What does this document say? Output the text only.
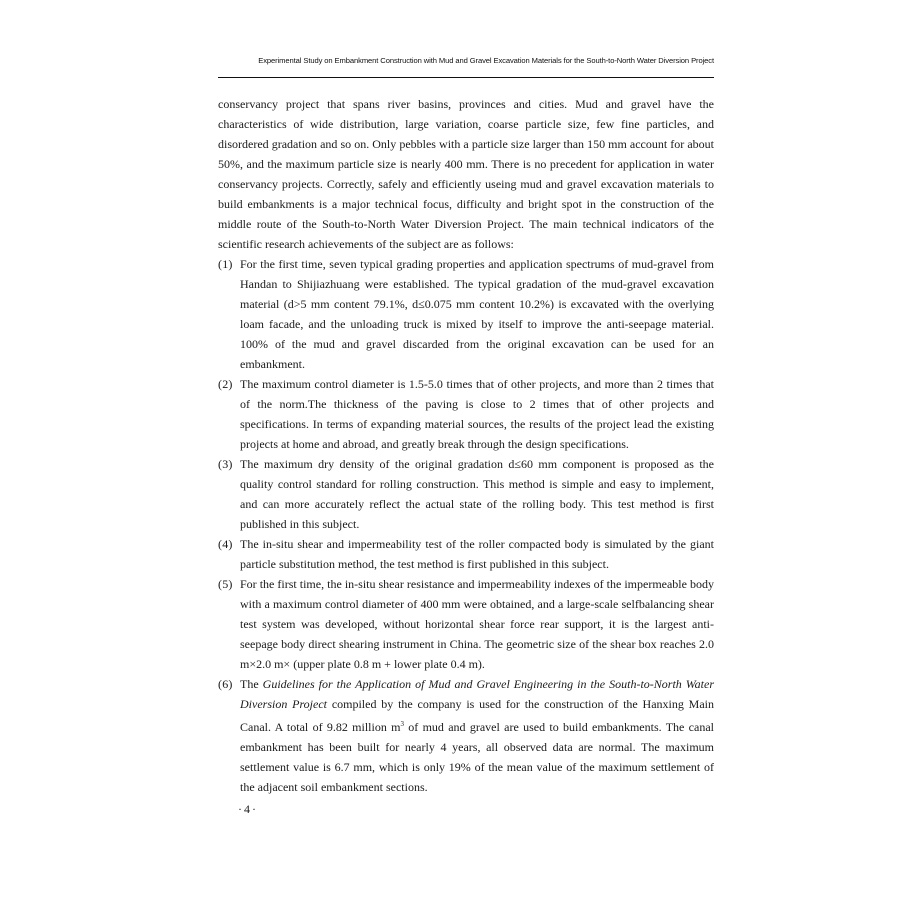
Experimental Study on Embankment Construction with Mud and Gravel Excavation Materials for the South-to-North Water Diversion Project

conservancy project that spans river basins, provinces and cities. Mud and gravel have the characteristics of wide distribution, large variation, coarse particle size, few fine particles, and disordered gradation and so on. Only pebbles with a particle size larger than 150 mm account for about 50%, and the maximum particle size is nearly 400 mm. There is no precedent for application in water conservancy projects. Correctly, safely and efficiently useing mud and gravel excavation materials to build embankments is a major technical focus, difficulty and bright spot in the construction of the middle route of the South-to-North Water Diversion Project. The main technical indicators of the scientific research achievements of the subject are as follows:

(1) For the first time, seven typical grading properties and application spectrums of mud-gravel from Handan to Shijiazhuang were established. The typical gradation of the mud-gravel excavation material (d>5 mm content 79.1%, d≤0.075 mm content 10.2%) is excavated with the overlying loam facade, and the unloading truck is mixed by itself to improve the anti-seepage material. 100% of the mud and gravel discarded from the original excavation can be used for an embankment.
(2) The maximum control diameter is 1.5-5.0 times that of other projects, and more than 2 times that of the norm.The thickness of the paving is close to 2 times that of other projects and specifications. In terms of expanding material sources, the results of the project lead the existing projects at home and abroad, and greatly break through the design specifications.
(3) The maximum dry density of the original gradation d≤60 mm component is proposed as the quality control standard for rolling construction. This method is simple and easy to implement, and can more accurately reflect the actual state of the rolling body. This test method is first published in this subject.
(4) The in-situ shear and impermeability test of the roller compacted body is simulated by the giant particle substitution method, the test method is first published in this subject.
(5) For the first time, the in-situ shear resistance and impermeability indexes of the impermeable body with a maximum control diameter of 400 mm were obtained, and a large-scale selfbalancing shear test system was developed, without horizontal shear force rear support, it is the largest anti-seepage body direct shearing instrument in China. The geometric size of the shear box reaches 2.0 m×2.0 m× (upper plate 0.8 m + lower plate 0.4 m).
(6) The Guidelines for the Application of Mud and Gravel Engineering in the South-to-North Water Diversion Project compiled by the company is used for the construction of the Hanxing Main Canal. A total of 9.82 million $m^3$ of mud and gravel are used to build embankments. The canal embankment has been built for nearly 4 years, all observed data are normal. The maximum settlement value is 6.7 mm, which is only 19% of the mean value of the maximum settlement of the adjacent soil embankment sections.
·4·
